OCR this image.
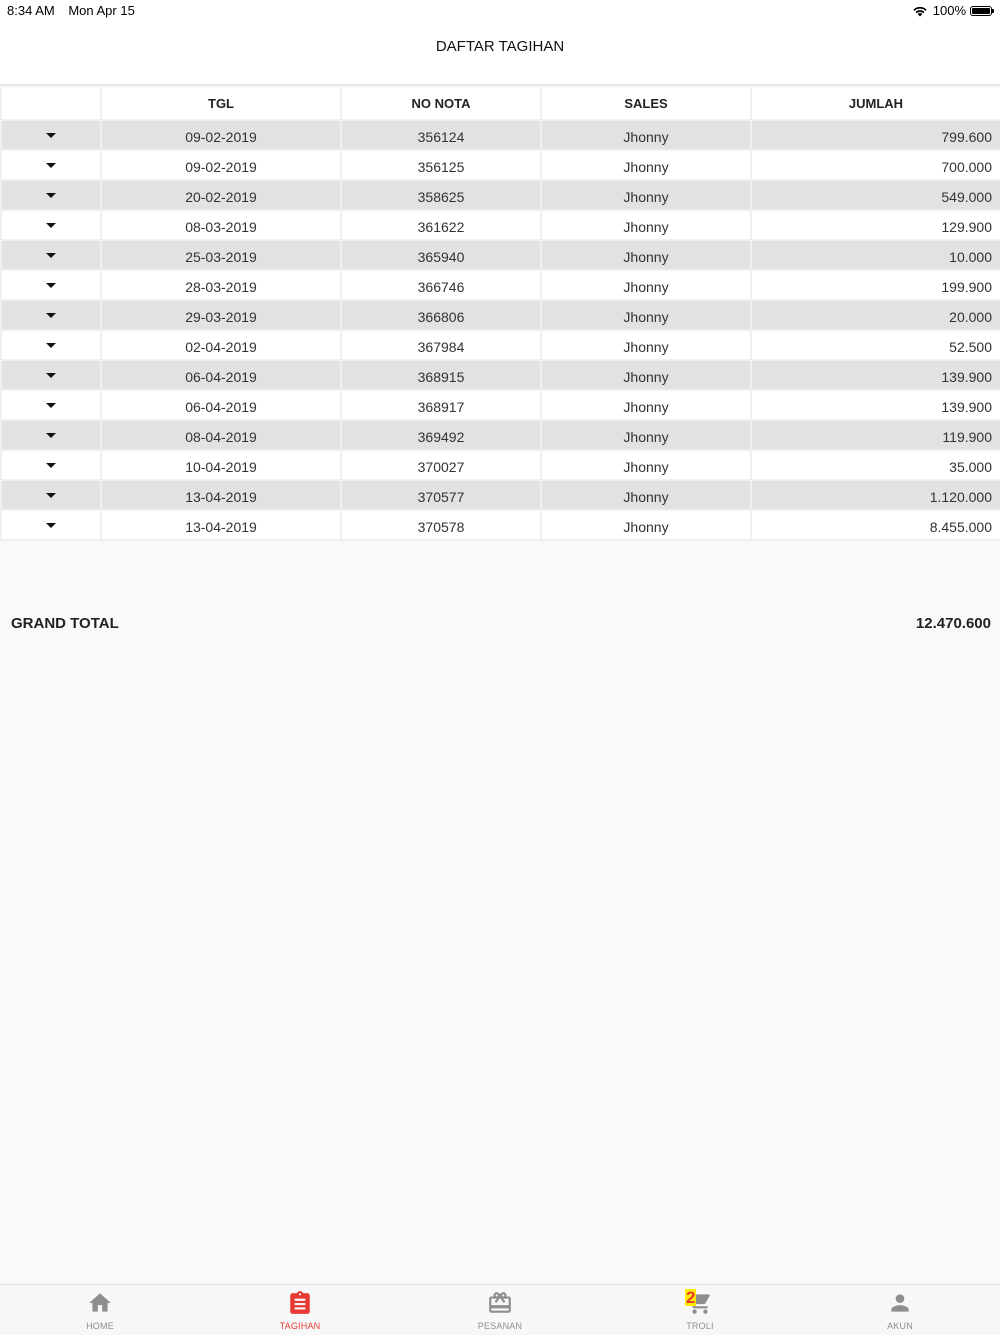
8:34 AM Mon Apr 15	100%
DAFTAR TAGIHAN
	TGL	NO NOTA	SALES	JUMLAH
	09-02-2019	356124	Jhonny	799.600
	09-02-2019	356125	Jhonny	700.000
	20-02-2019	358625	Jhonny	549.000
	08-03-2019	361622	Jhonny	129.900
	25-03-2019	365940	Jhonny	10.000
	28-03-2019	366746	Jhonny	199.900
	29-03-2019	366806	Jhonny	20.000
	02-04-2019	367984	Jhonny	52.500
	06-04-2019	368915	Jhonny	139.900
	06-04-2019	368917	Jhonny	139.900
	08-04-2019	369492	Jhonny	119.900
	10-04-2019	370027	Jhonny	35.000
	13-04-2019	370577	Jhonny	1.120.000
	13-04-2019	370578	Jhonny	8.455.000
GRAND TOTAL	12.470.600
HOME	TAGIHAN	PESANAN
2
TROLI	AKUN
